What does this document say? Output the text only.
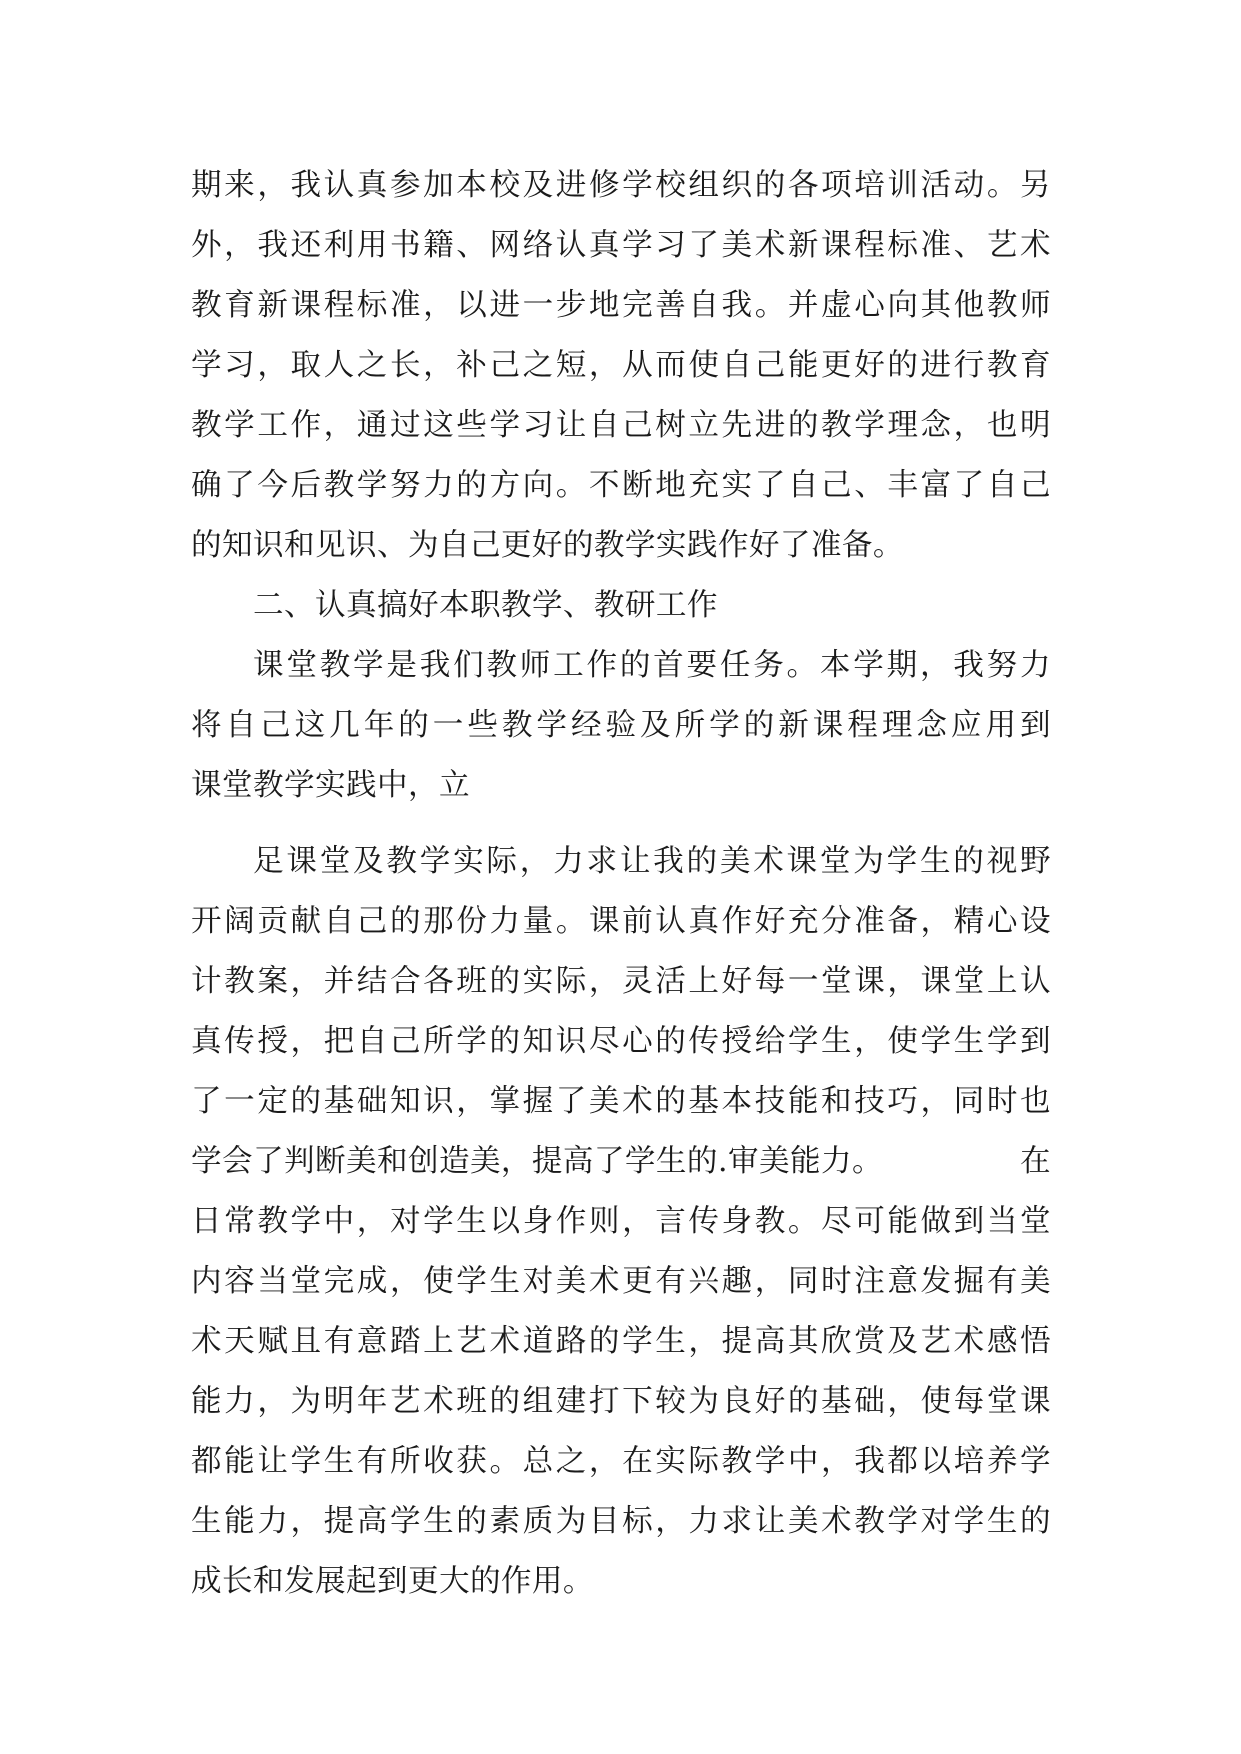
期来，我认真参加本校及进修学校组织的各项培训活动。另
外，我还利用书籍、网络认真学习了美术新课程标准、艺术
教育新课程标准，以进一步地完善自我。并虚心向其他教师
学习，取人之长，补己之短，从而使自己能更好的进行教育
教学工作，通过这些学习让自己树立先进的教学理念，也明
确了今后教学努力的方向。不断地充实了自己、丰富了自己
的知识和见识、为自己更好的教学实践作好了准备。
二、认真搞好本职教学、教研工作
课堂教学是我们教师工作的首要任务。本学期，我努力
将自己这几年的一些教学经验及所学的新课程理念应用到
课堂教学实践中，立
足课堂及教学实际，力求让我的美术课堂为学生的视野
开阔贡献自己的那份力量。课前认真作好充分准备，精心设
计教案，并结合各班的实际，灵活上好每一堂课，课堂上认
真传授，把自己所学的知识尽心的传授给学生，使学生学到
了一定的基础知识，掌握了美术的基本技能和技巧，同时也
学会了判断美和创造美，提高了学生的.审美能力。	在
日常教学中，对学生以身作则，言传身教。尽可能做到当堂
内容当堂完成，使学生对美术更有兴趣，同时注意发掘有美
术天赋且有意踏上艺术道路的学生，提高其欣赏及艺术感悟
能力，为明年艺术班的组建打下较为良好的基础，使每堂课
都能让学生有所收获。总之，在实际教学中，我都以培养学
生能力，提高学生的素质为目标，力求让美术教学对学生的
成长和发展起到更大的作用。
